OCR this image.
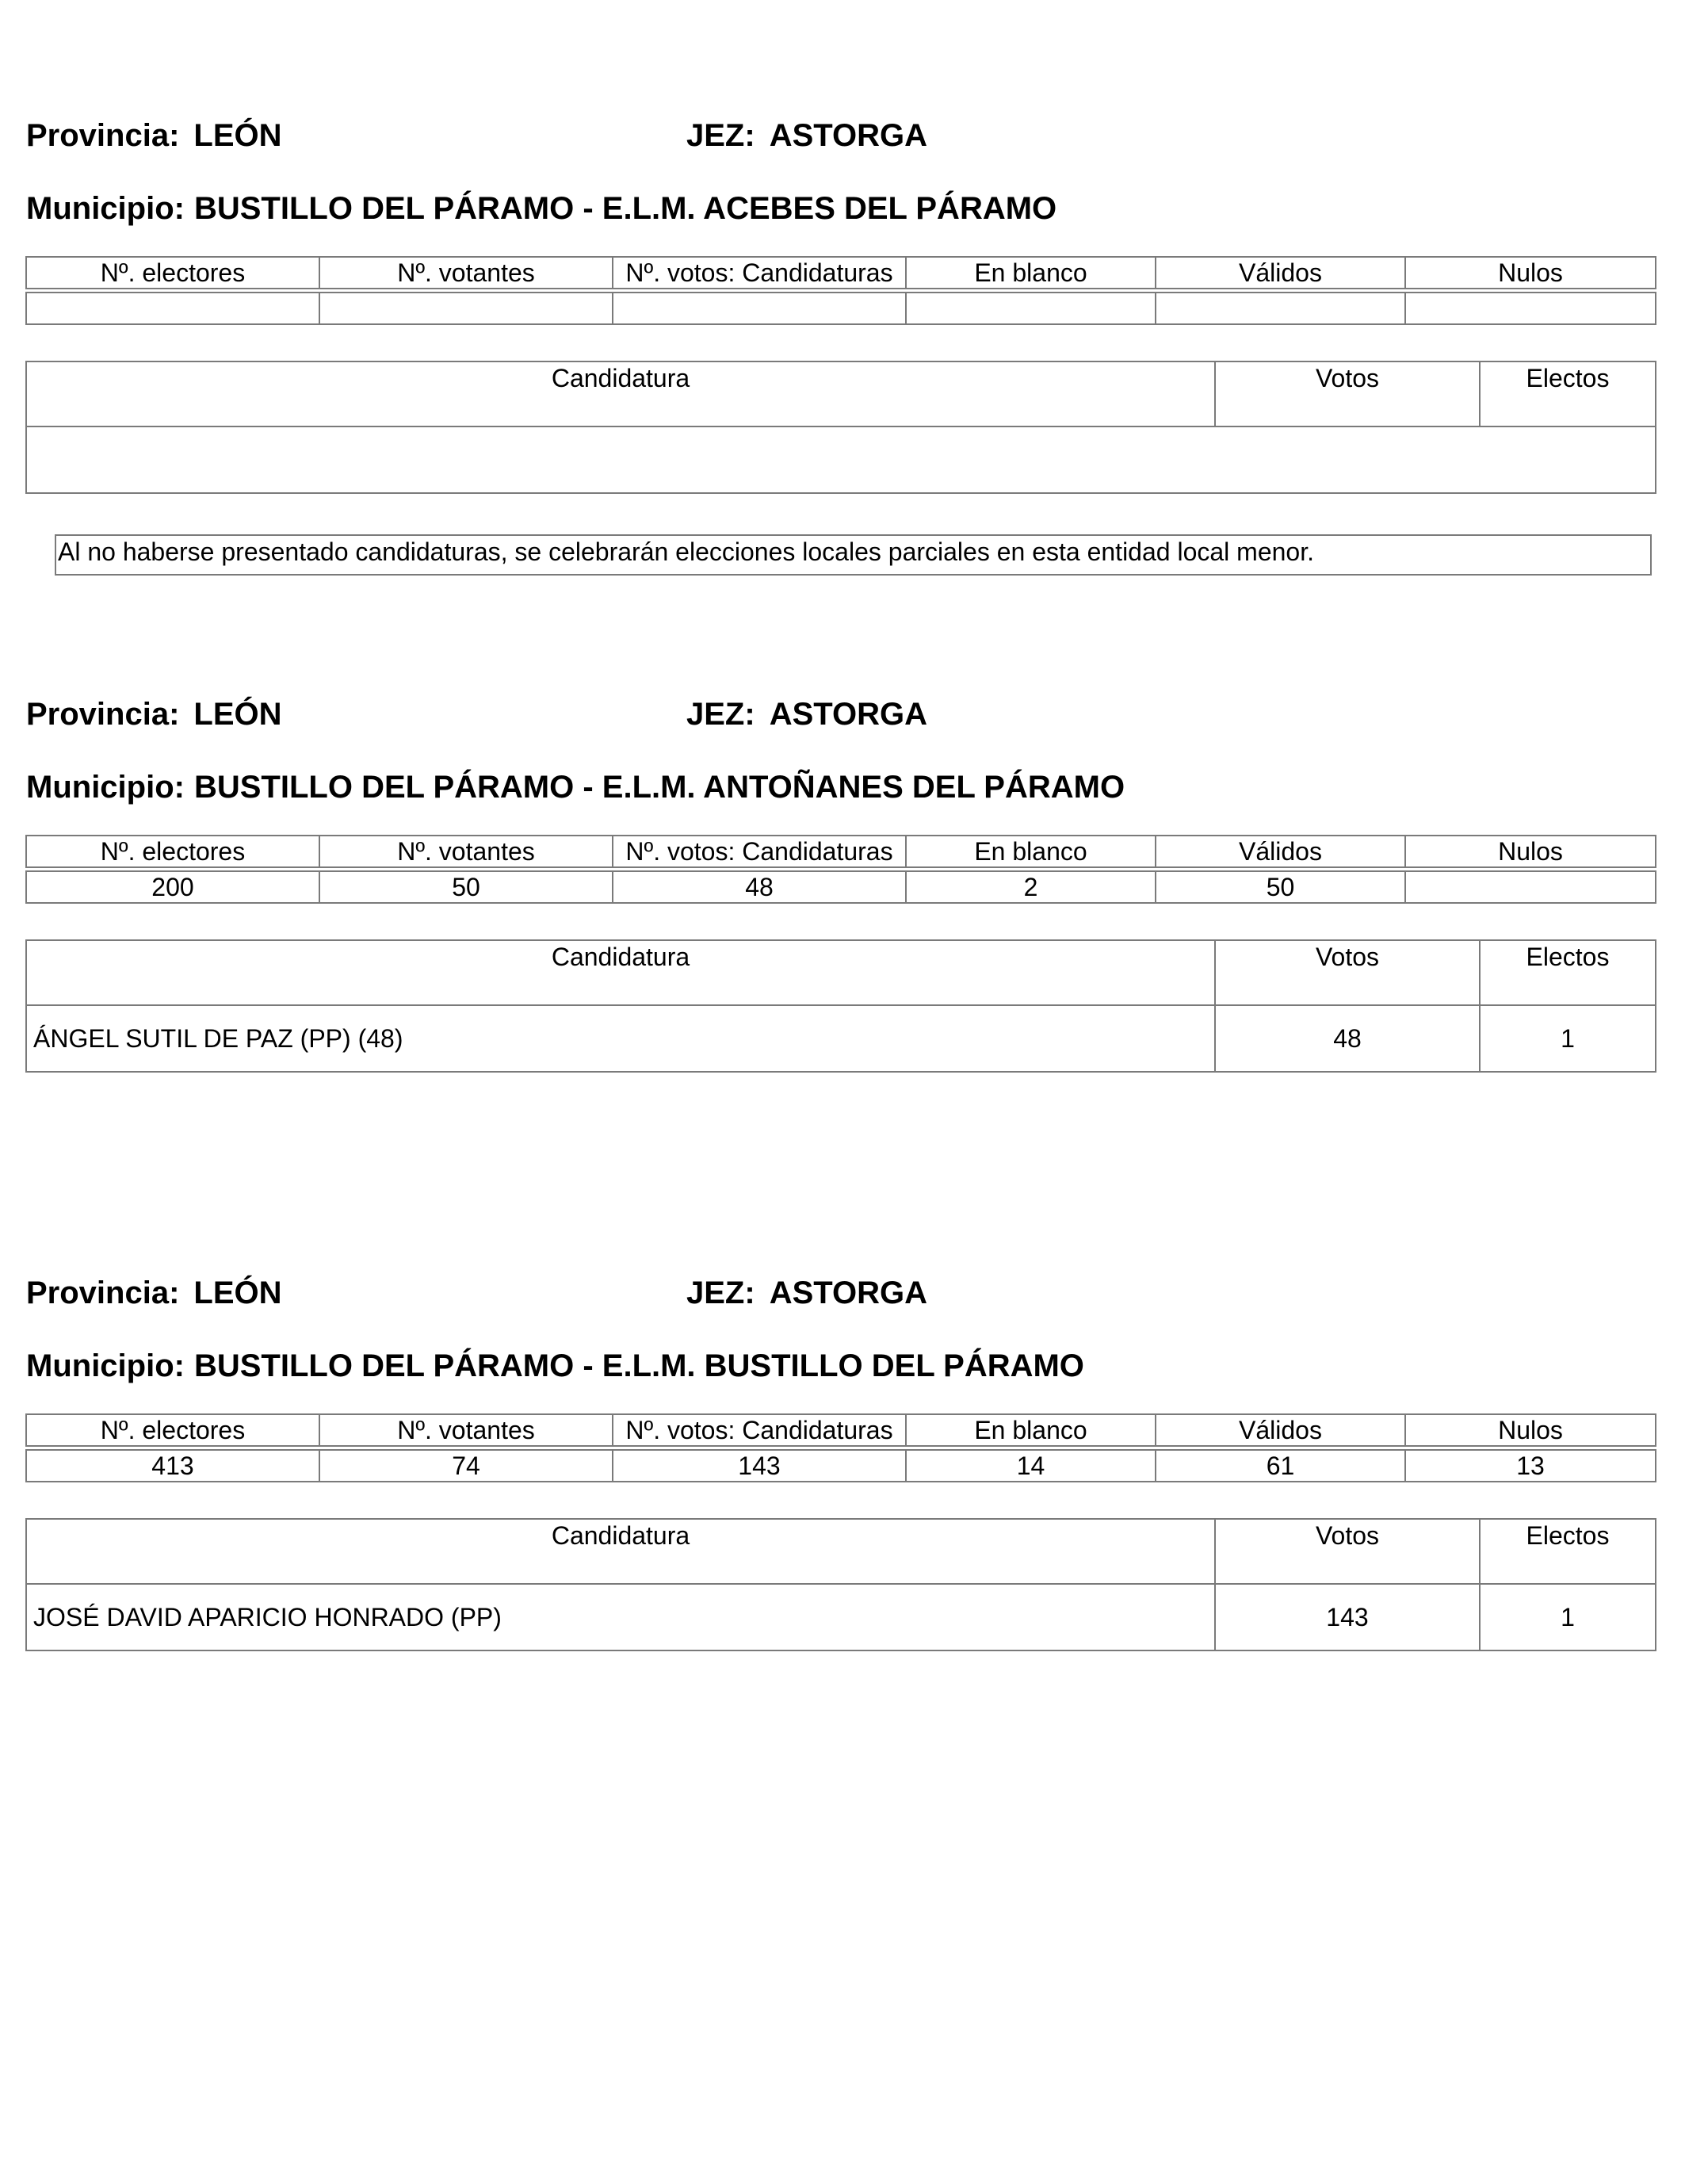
Provincia: LEÓN	JEZ: ASTORGA
Municipio: BUSTILLO DEL PÁRAMO - E.L.M. ACEBES DEL PÁRAMO
Nº. electores	Nº. votantes	Nº. votos: Candidaturas	En blanco	Válidos	Nulos

Candidatura	Votos	Electos

Al no haberse presentado candidaturas, se celebrarán elecciones locales parciales en esta entidad local menor.
Provincia: LEÓN	JEZ: ASTORGA
Municipio: BUSTILLO DEL PÁRAMO - E.L.M. ANTOÑANES DEL PÁRAMO
Nº. electores	Nº. votantes	Nº. votos: Candidaturas	En blanco	Válidos	Nulos

200	50	48	2	50	
Candidatura	Votos	Electos
ÁNGEL SUTIL DE PAZ (PP) (48)	48	1
Provincia: LEÓN	JEZ: ASTORGA
Municipio: BUSTILLO DEL PÁRAMO - E.L.M. BUSTILLO DEL PÁRAMO
Nº. electores	Nº. votantes	Nº. votos: Candidaturas	En blanco	Válidos	Nulos

413	74	143	14	61	13
Candidatura	Votos	Electos
JOSÉ DAVID APARICIO HONRADO (PP)	143	1
